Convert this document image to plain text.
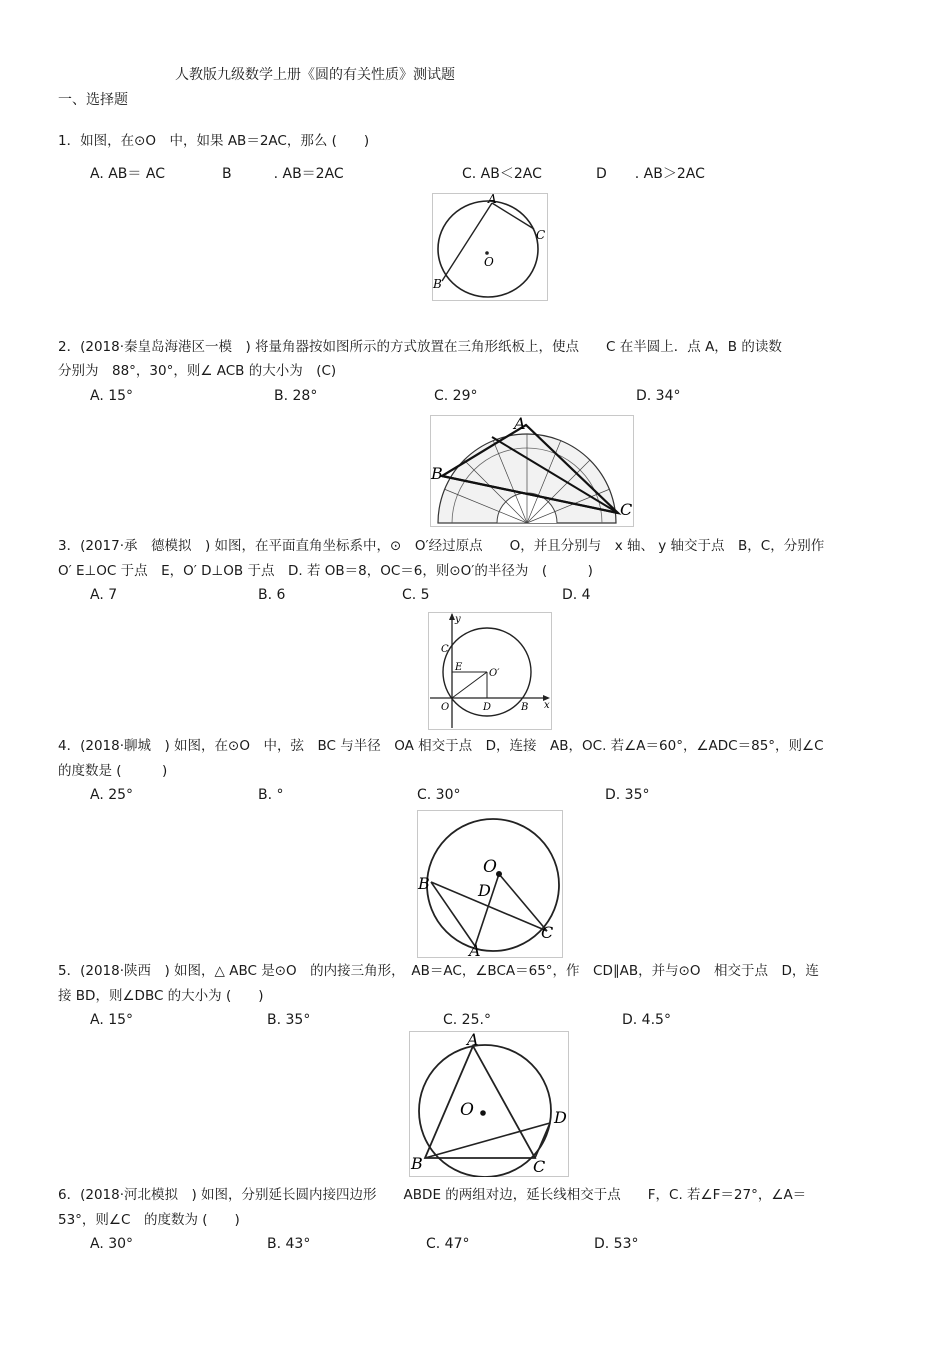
人教版九级数学上册《圆的有关性质》测试题
一、选择题
1．如图，在⊙O　中，如果 AB＝2AC，那么 (　　)
A. AB＝ AC	B　　　. AB＝2AC	C. AB＜2AC	D　　. AB＞2AC
A
C
O
B
2．(2018·秦皇岛海港区一模　) 将量角器按如图所示的方式放置在三角形纸板上，使点　　C 在半圆上．点 A，B 的读数
分别为　88°，30°，则∠ ACB 的大小为　(C)
A. 15°	B. 28°	C. 29°	D. 34°
A
B
C
3．(2017·承　德模拟　) 如图，在平面直角坐标系中，⊙　O′经过原点　　O，并且分别与　x 轴、 y 轴交于点　B，C，分别作
O′ E⊥OC 于点　E，O′ D⊥OB 于点　D. 若 OB＝8，OC＝6，则⊙O′的半径为　(　　　)
A. 7	B. 6	C. 5	D. 4
y
C
E
O′
O	D	B x
4．(2018·聊城　) 如图，在⊙O　中，弦　BC 与半径　OA 相交于点　D，连接　AB，OC. 若∠A＝60°，∠ADC＝85°，则∠C
的度数是 (　　　)
A. 25°	B. °	C. 30°	D. 35°
O
B	D
C
A
5．(2018·陕西　) 如图，△ ABC 是⊙O　的内接三角形，　AB＝AC，∠BCA＝65°，作　CD∥AB，并与⊙O　相交于点　D，连
接 BD，则∠DBC 的大小为 (　　)
A. 15°	B. 35°	C. 25.°	D. 4.5°
A
O	D
B	C
6．(2018·河北模拟　) 如图，分别延长圆内接四边形　　ABDE 的两组对边，延长线相交于点　　F，C. 若∠F＝27°，∠A＝
53°，则∠C　的度数为 (　　)
A. 30°	B. 43°	C. 47°	D. 53°
